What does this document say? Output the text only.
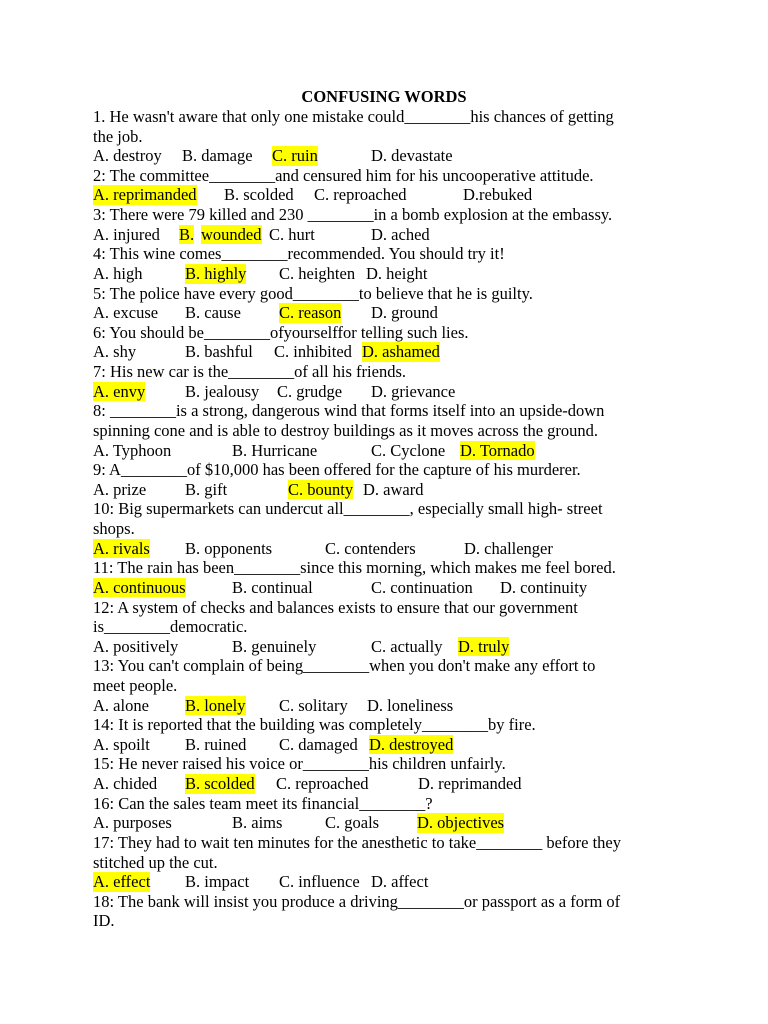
CONFUSING WORDS
1. He wasn't aware that only one mistake could________his chances of getting
the job.
A. destroy B. damage C. ruin	D. devastate
2: The committee________and censured him for his uncooperative attitude.
A. reprimanded B. scolded C. reproached	D.rebuked
3: There were 79 killed and 230 ________in a bomb explosion at the embassy.
A. injured B. wounded C. hurt	D. ached
4: This wine comes________recommended. You should try it!
A. high	B. highly C. heighten D. height
5: The police have every good________to believe that he is guilty.
A. excuse B. cause C. reason D. ground
6: You should be________ofyourselffor telling such lies.
A. shy	B. bashful C. inhibited D. ashamed
7: His new car is the________of all his friends.
A. envy B. jealousy C. grudge D. grievance
8: ________is a strong, dangerous wind that forms itself into an upside-down
spinning cone and is able to destroy buildings as it moves across the ground.
A. Typhoon	B. Hurricane	C. Cyclone D. Tornado
9: A________of $10,000 has been offered for the capture of his murderer.
A. prize B. gift	C. bounty D. award
10: Big supermarkets can undercut all________, especially small high- street
shops.
A. rivals B. opponents	C. contenders	D. challenger
11: The rain has been________since this morning, which makes me feel bored.
A. continuous	B. continual	C. continuation D. continuity
12: A system of checks and balances exists to ensure that our government
is________democratic.
A. positively	B. genuinely	C. actually D. truly
13: You can't complain of being________when you don't make any effort to
meet people.
A. alone B. lonely C. solitary D. loneliness
14: It is reported that the building was completely________by fire.
A. spoilt B. ruined C. damaged D. destroyed
15: He never raised his voice or________his children unfairly.
A. chided B. scolded C. reproached	D. reprimanded
16: Can the sales team meet its financial________?
A. purposes	B. aims	C. goals D. objectives
17: They had to wait ten minutes for the anesthetic to take________ before they
stitched up the cut.
A. effect B. impact C. influence D. affect
18: The bank will insist you produce a driving________or passport as a form of
ID.
